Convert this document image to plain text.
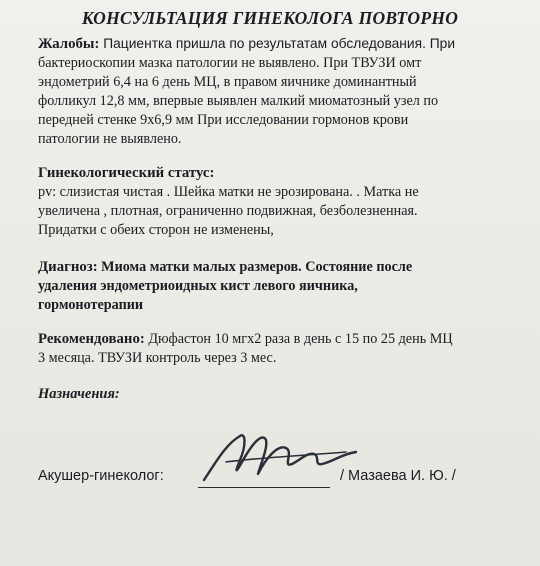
КОНСУЛЬТАЦИЯ ГИНЕКОЛОГА ПОВТОРНО
Жалобы: Пациентка пришла по результатам обследования. При
бактериоскопии мазка патологии не выявлено. При ТВУЗИ омт
эндометрий 6,4 на 6 день МЦ, в правом яичнике доминантный
фолликул 12,8 мм, впервые выявлен малкий миоматозный узел по
передней стенке 9х6,9 мм При исследовании гормонов крови
патологии не выявлено.
Гинекологический статус:
pv: слизистая чистая . Шейка матки не эрозирована. . Матка не
увеличена , плотная, ограниченно подвижная, безболезненная.
Придатки с обеих сторон не изменены,
Диагноз: Миома матки малых размеров. Состояние после
удаления эндометриоидных кист левого яичника,
гормонотерапии
Рекомендовано: Дюфастон 10 мгх2 раза в день с 15 по 25 день МЦ
3 месяца. ТВУЗИ контроль через 3 мес.
Назначения:
Акушер-гинеколог:	/ Мазаева И. Ю. /
